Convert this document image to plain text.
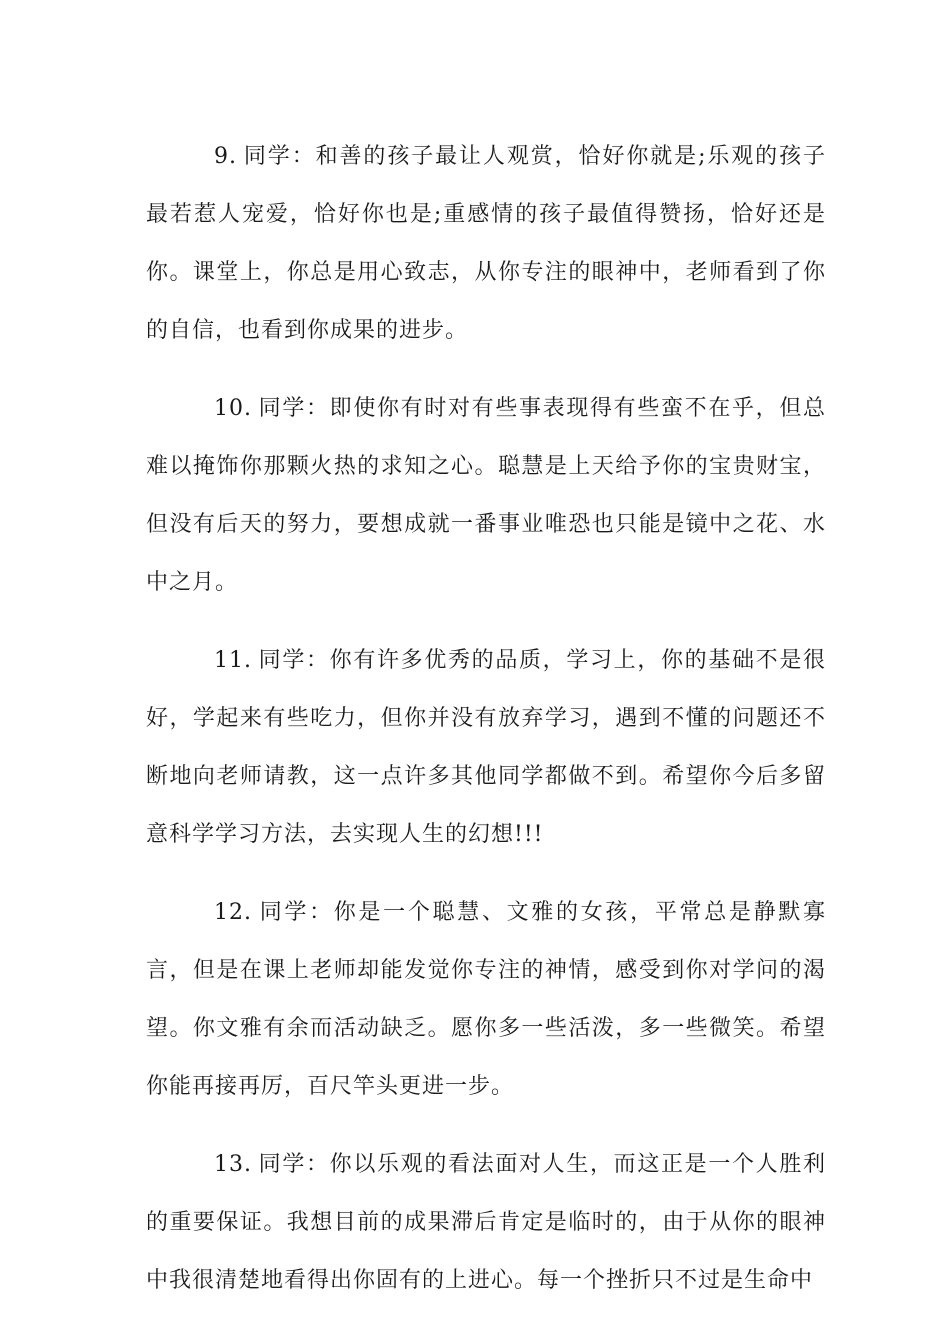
9. 同学：和善的孩子最让人观赏，恰好你就是;乐观的孩子最若惹人宠爱，恰好你也是;重感情的孩子最值得赞扬，恰好还是你。课堂上，你总是用心致志，从你专注的眼神中，老师看到了你的自信，也看到你成果的进步。

10. 同学：即使你有时对有些事表现得有些蛮不在乎，但总难以掩饰你那颗火热的求知之心。聪慧是上天给予你的宝贵财宝，但没有后天的努力，要想成就一番事业唯恐也只能是镜中之花、水中之月。

11. 同学：你有许多优秀的品质，学习上，你的基础不是很好，学起来有些吃力，但你并没有放弃学习，遇到不懂的问题还不断地向老师请教，这一点许多其他同学都做不到。希望你今后多留意科学学习方法，去实现人生的幻想!!!

12. 同学：你是一个聪慧、文雅的女孩，平常总是静默寡言，但是在课上老师却能发觉你专注的神情，感受到你对学问的渴望。你文雅有余而活动缺乏。愿你多一些活泼，多一些微笑。希望你能再接再厉，百尺竿头更进一步。

13. 同学：你以乐观的看法面对人生，而这正是一个人胜利的重要保证。我想目前的成果滞后肯定是临时的，由于从你的眼神中我很清楚地看得出你固有的上进心。每一个挫折只不过是生命中
